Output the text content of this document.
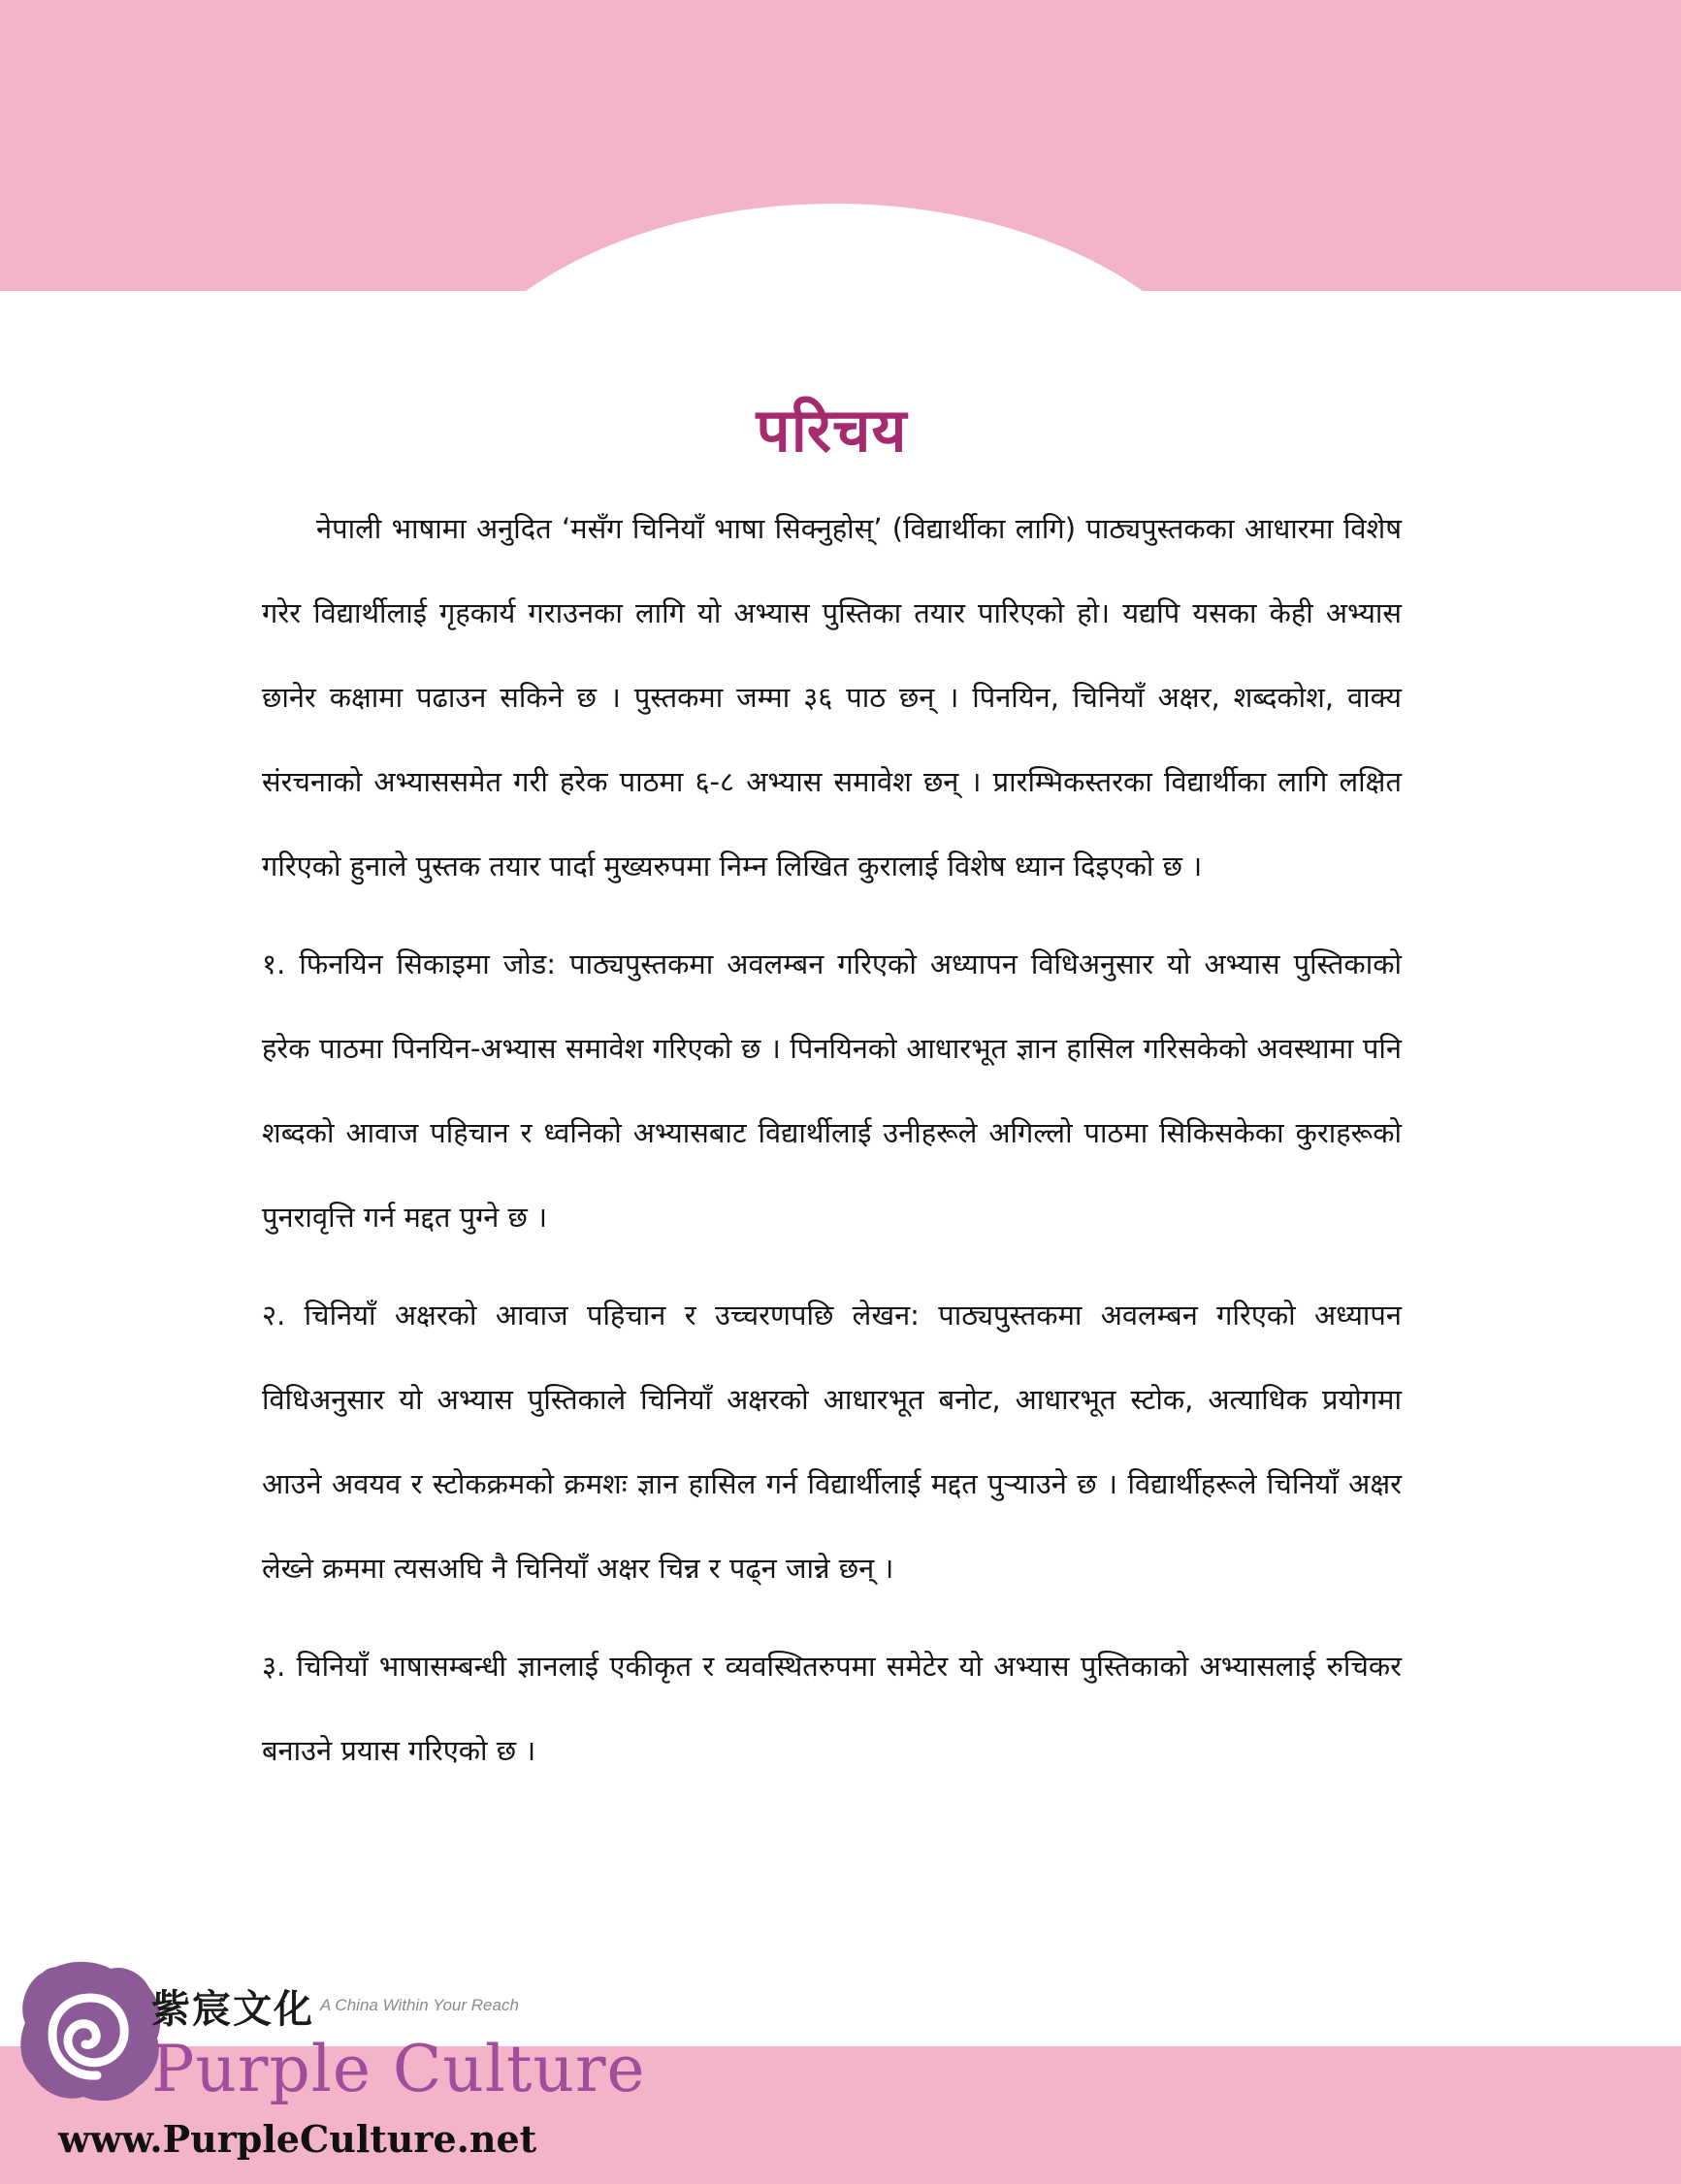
परिचय

नेपाली भाषामा अनुदित ‘मसँग चिनियाँ भाषा सिक्नुहोस्’ (विद्यार्थीका लागि) पाठ्यपुस्तकका आधारमा विशेष गरेर विद्यार्थीलाई गृहकार्य गराउनका लागि यो अभ्यास पुस्तिका तयार पारिएको हो। यद्यपि यसका केही अभ्यास छानेर कक्षामा पढाउन सकिने छ । पुस्तकमा जम्मा ३६ पाठ छन् । पिनयिन, चिनियाँ अक्षर, शब्दकोश, वाक्य संरचनाको अभ्याससमेत गरी हरेक पाठमा ६-८ अभ्यास समावेश छन् । प्रारम्भिकस्तरका विद्यार्थीका लागि लक्षित गरिएको हुनाले पुस्तक तयार पार्दा मुख्यरुपमा निम्न लिखित कुरालाई विशेष ध्यान दिइएको छ ।

१. फिनयिन सिकाइमा जोड: पाठ्यपुस्तकमा अवलम्बन गरिएको अध्यापन विधिअनुसार यो अभ्यास पुस्तिकाको हरेक पाठमा पिनयिन-अभ्यास समावेश गरिएको छ । पिनयिनको आधारभूत ज्ञान हासिल गरिसकेको अवस्थामा पनि शब्दको आवाज पहिचान र ध्वनिको अभ्यासबाट विद्यार्थीलाई उनीहरूले अगिल्लो पाठमा सिकिसकेका कुराहरूको पुनरावृत्ति गर्न मद्दत पुग्ने छ ।

२. चिनियाँ अक्षरको आवाज पहिचान र उच्चरणपछि लेखन: पाठ्यपुस्तकमा अवलम्बन गरिएको अध्यापन विधिअनुसार यो अभ्यास पुस्तिकाले चिनियाँ अक्षरको आधारभूत बनोट, आधारभूत स्टोक, अत्याधिक प्रयोगमा आउने अवयव र स्टोकक्रमको क्रमशः ज्ञान हासिल गर्न विद्यार्थीलाई मद्दत पुऱ्याउने छ । विद्यार्थीहरूले चिनियाँ अक्षर लेख्ने क्रममा त्यसअघि नै चिनियाँ अक्षर चिन्न र पढ्न जान्ने छन् ।

३. चिनियाँ भाषासम्बन्धी ज्ञानलाई एकीकृत र व्यवस्थितरुपमा समेटेर यो अभ्यास पुस्तिकाको अभ्यासलाई रुचिकर बनाउने प्रयास गरिएको छ ।

紫宸文化 A China Within Your Reach
Purple Culture
www.PurpleCulture.net
